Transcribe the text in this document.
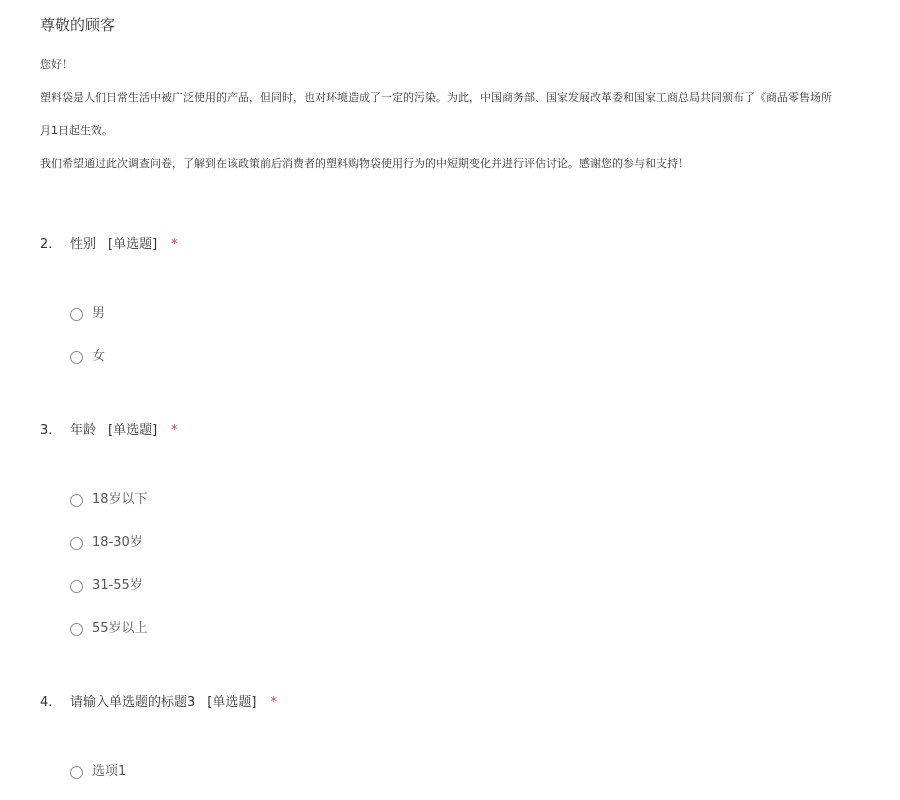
尊敬的顾客
您好！
塑料袋是人们日常生活中被广泛使用的产品，但同时，也对环境造成了一定的污染。为此，中国商务部、国家发展改革委和国家工商总局共同颁布了《商品零售场所
月1日起生效。
我们希望通过此次调查问卷，了解到在该政策前后消费者的塑料购物袋使用行为的中短期变化并进行评估讨论。感谢您的参与和支持！
2. 性别 [单选题] *
男
女
3. 年龄 [单选题] *
18岁以下
18-30岁
31-55岁
55岁以上
4. 请输入单选题的标题3 [单选题] *
选项1
